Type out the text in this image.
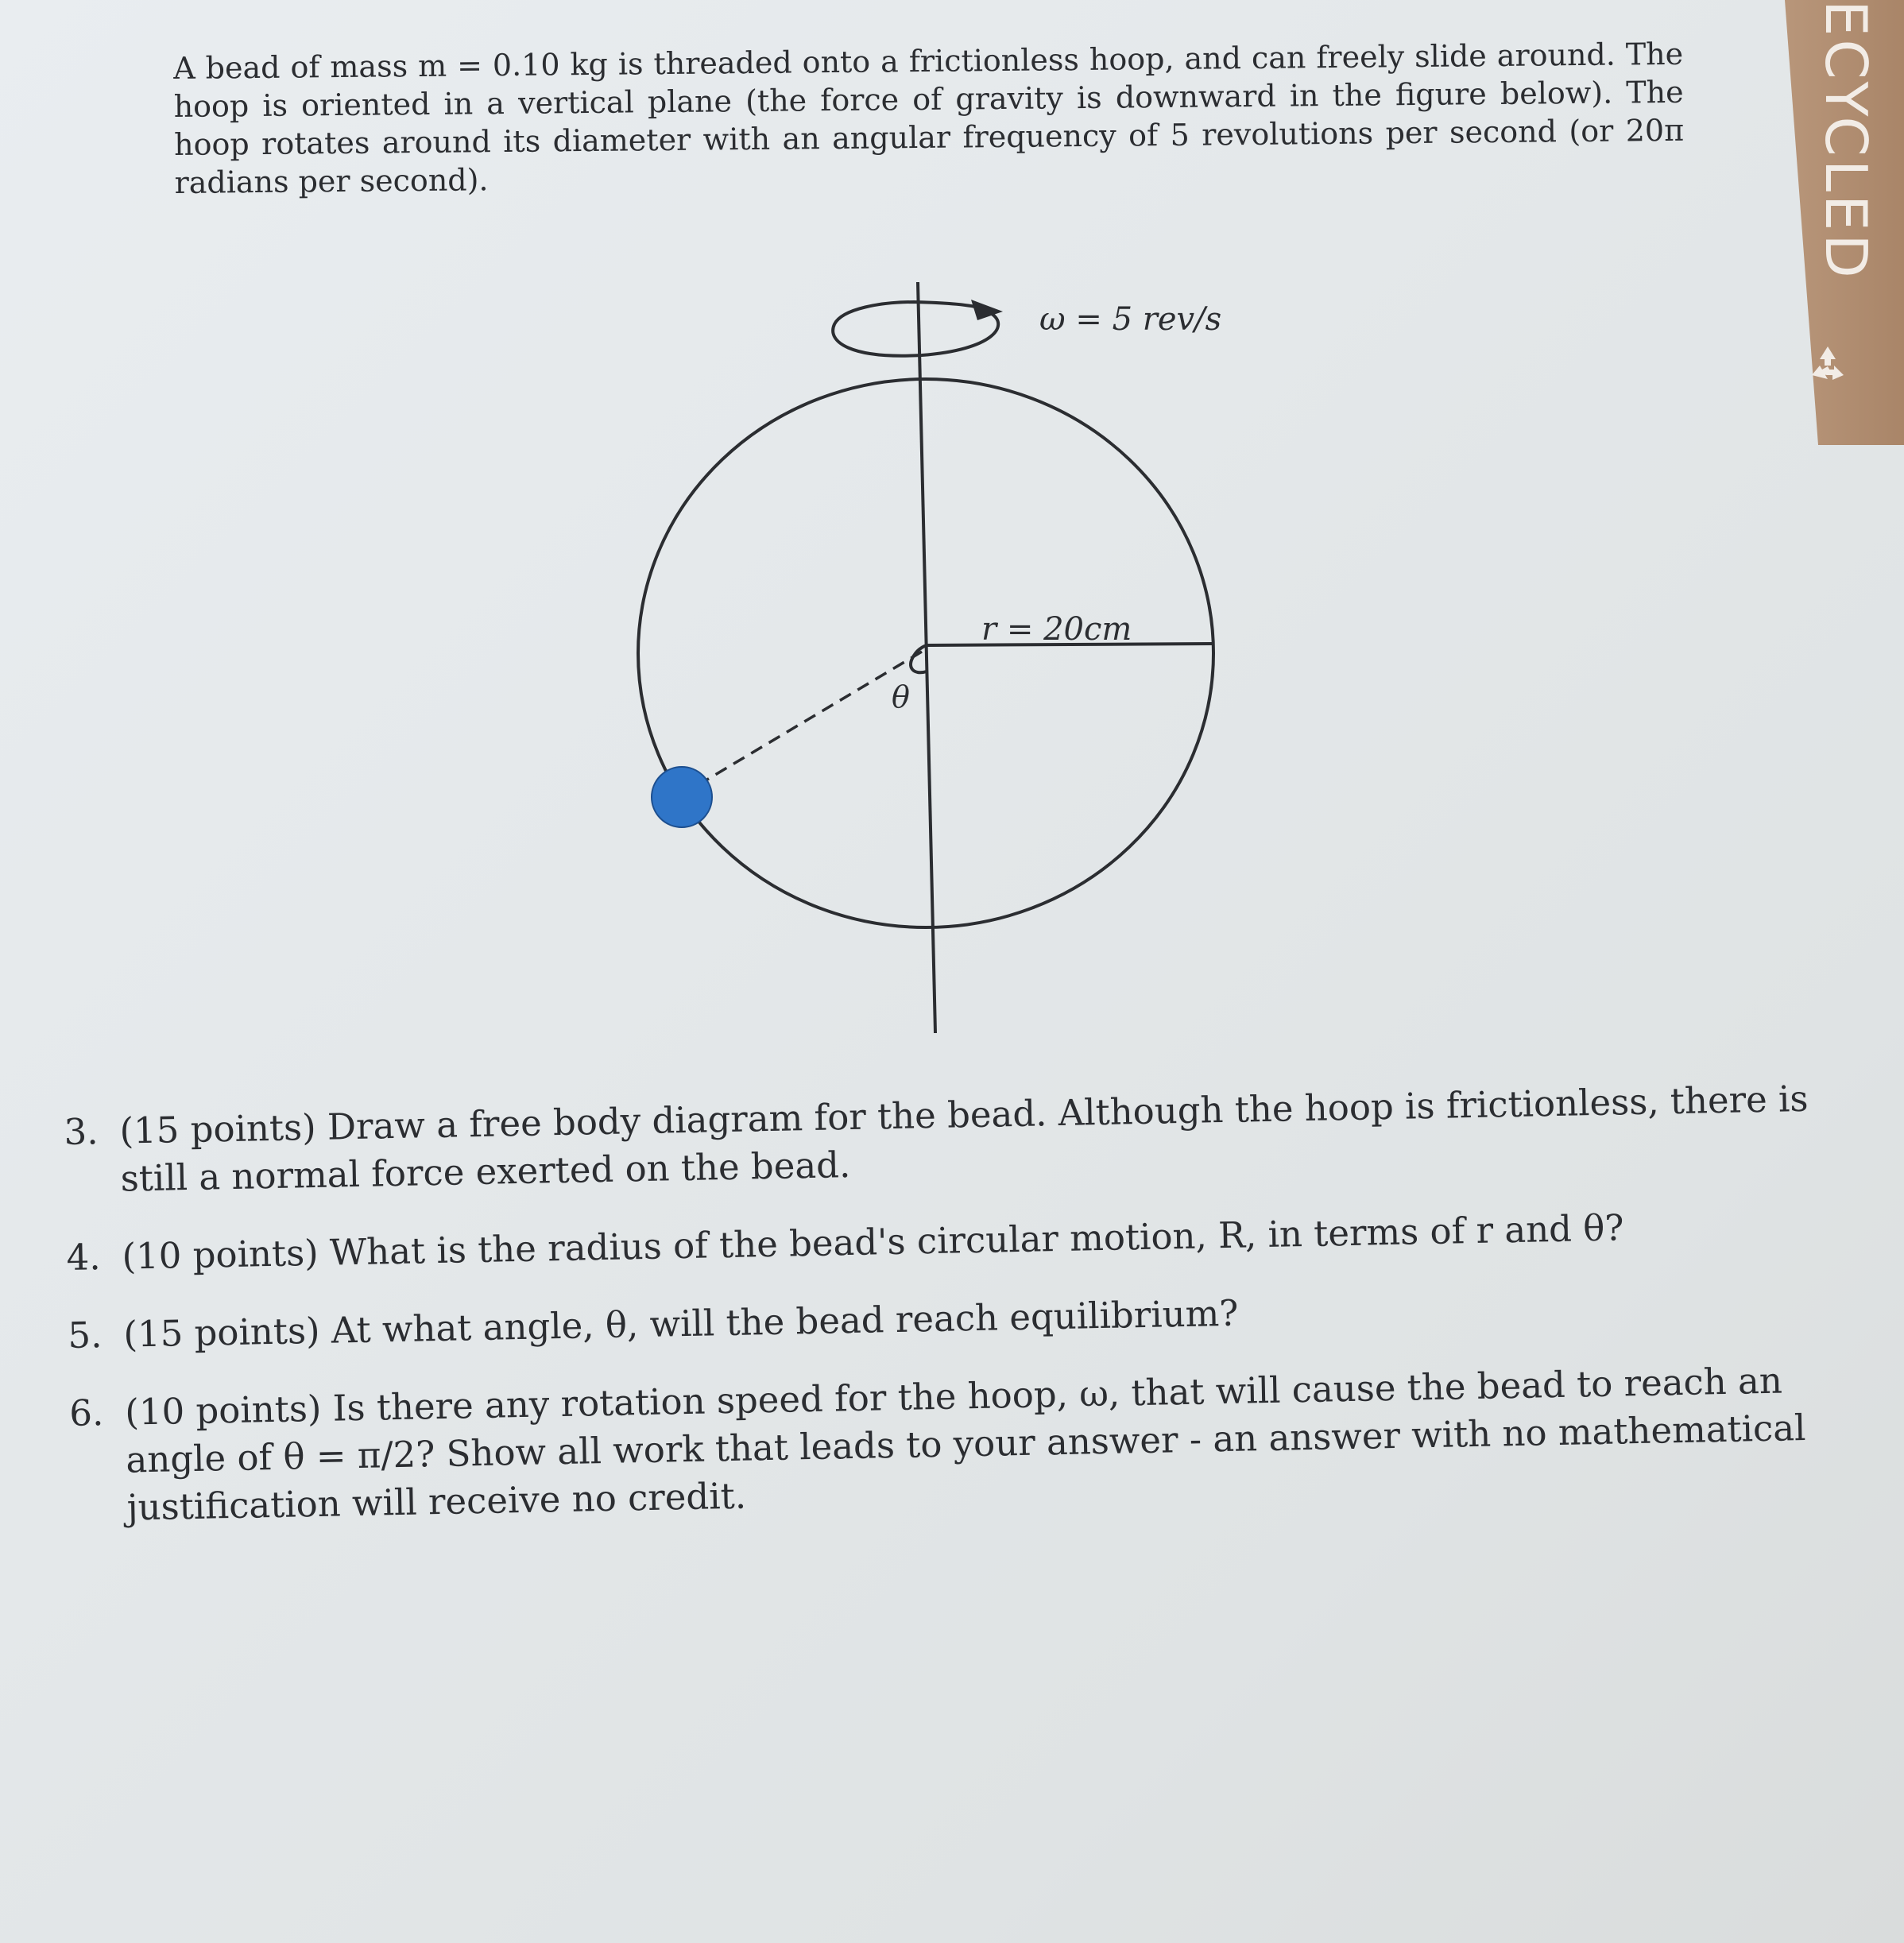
ECYCLED
A bead of mass m = 0.10 kg is threaded onto a frictionless hoop, and can freely slide around. The hoop is oriented in a vertical plane (the force of gravity is downward in the figure below). The hoop rotates around its diameter with an angular frequency of 5 revolutions per second (or 20π radians per second).
ω = 5 rev/s
r = 20cm
θ
3. (15 points) Draw a free body diagram for the bead. Although the hoop is frictionless, there is still a normal force exerted on the bead.
4. (10 points) What is the radius of the bead's circular motion, R, in terms of r and θ?
5. (15 points) At what angle, θ, will the bead reach equilibrium?
6. (10 points) Is there any rotation speed for the hoop, ω, that will cause the bead to reach an angle of θ = π/2? Show all work that leads to your answer - an answer with no mathematical justification will receive no credit.
